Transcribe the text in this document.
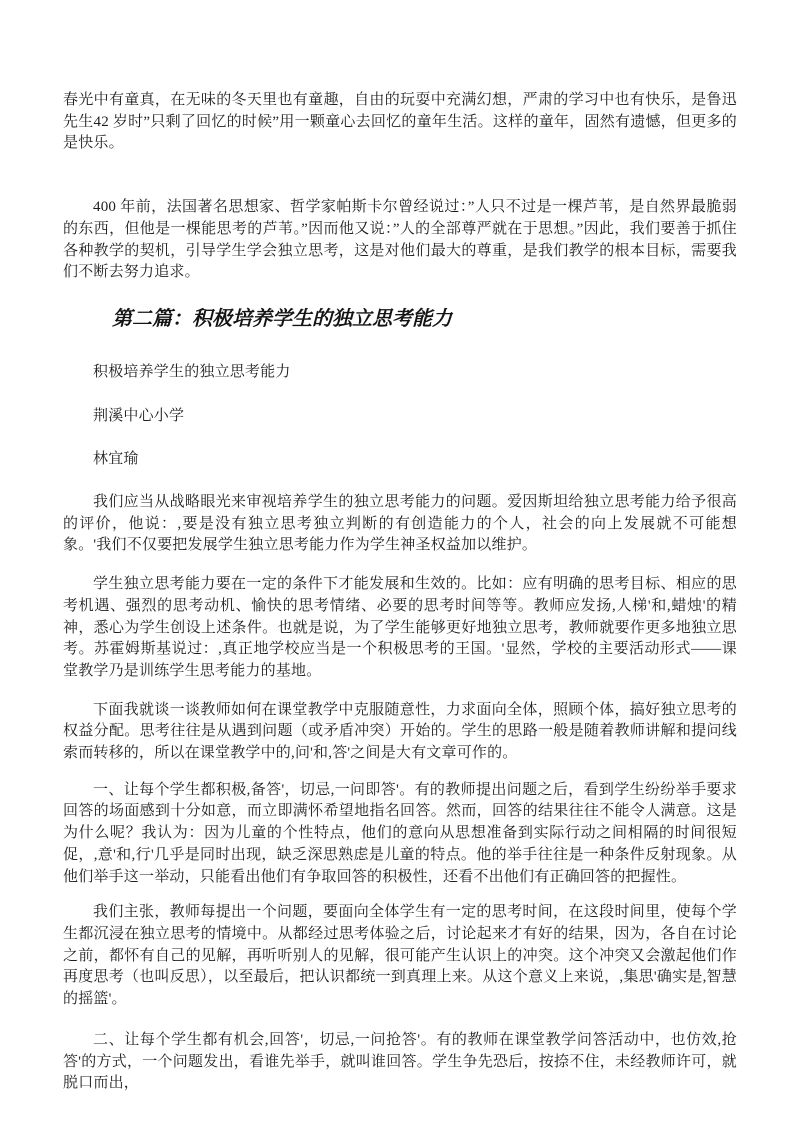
春光中有童真，在无味的冬天里也有童趣，自由的玩耍中充满幻想，严肃的学习中也有快乐，是鲁迅先生42 岁时”只剩了回忆的时候”用一颗童心去回忆的童年生活。这样的童年，固然有遗憾，但更多的是快乐。

400 年前，法国著名思想家、哲学家帕斯卡尔曾经说过：”人只不过是一棵芦苇，是自然界最脆弱的东西，但他是一棵能思考的芦苇。”因而他又说：”人的全部尊严就在于思想。”因此，我们要善于抓住各种教学的契机，引导学生学会独立思考，这是对他们最大的尊重，是我们教学的根本目标，需要我们不断去努力追求。

第二篇：积极培养学生的独立思考能力

积极培养学生的独立思考能力

荆溪中心小学

林宜瑜

我们应当从战略眼光来审视培养学生的独立思考能力的问题。爱因斯坦给独立思考能力给予很高的评价，他说：,要是没有独立思考独立判断的有创造能力的个人，社会的向上发展就不可能想象。'我们不仅要把发展学生独立思考能力作为学生神圣权益加以维护。

学生独立思考能力要在一定的条件下才能发展和生效的。比如：应有明确的思考目标、相应的思考机遇、强烈的思考动机、愉快的思考情绪、必要的思考时间等等。教师应发扬,人梯'和,蜡烛'的精神，悉心为学生创设上述条件。也就是说，为了学生能够更好地独立思考，教师就要作更多地独立思考。苏霍姆斯基说过：,真正地学校应当是一个积极思考的王国。'显然，学校的主要活动形式——课堂教学乃是训练学生思考能力的基地。

下面我就谈一谈教师如何在课堂教学中克服随意性，力求面向全体，照顾个体，搞好独立思考的权益分配。思考往往是从遇到问题（或矛盾冲突）开始的。学生的思路一般是随着教师讲解和提问线索而转移的，所以在课堂教学中的,问'和,答'之间是大有文章可作的。

一、让每个学生都积极,备答'，切忌,一问即答'。有的教师提出问题之后，看到学生纷纷举手要求回答的场面感到十分如意，而立即满怀希望地指名回答。然而，回答的结果往往不能令人满意。这是为什么呢？我认为：因为儿童的个性特点，他们的意向从思想准备到实际行动之间相隔的时间很短促，,意'和,行'几乎是同时出现，缺乏深思熟虑是儿童的特点。他的举手往往是一种条件反射现象。从他们举手这一举动，只能看出他们有争取回答的积极性，还看不出他们有正确回答的把握性。

我们主张，教师每提出一个问题，要面向全体学生有一定的思考时间，在这段时间里，使每个学生都沉浸在独立思考的情境中。从都经过思考体验之后，讨论起来才有好的结果，因为，各自在讨论之前，都怀有自己的见解，再听听别人的见解，很可能产生认识上的冲突。这个冲突又会激起他们作再度思考（也叫反思），以至最后，把认识都统一到真理上来。从这个意义上来说，,集思'确实是,智慧的摇篮'。

二、让每个学生都有机会,回答'，切忌,一问抢答'。有的教师在课堂教学问答活动中，也仿效,抢答'的方式，一个问题发出，看谁先举手，就叫谁回答。学生争先恐后，按捺不住，未经教师许可，就脱口而出，
